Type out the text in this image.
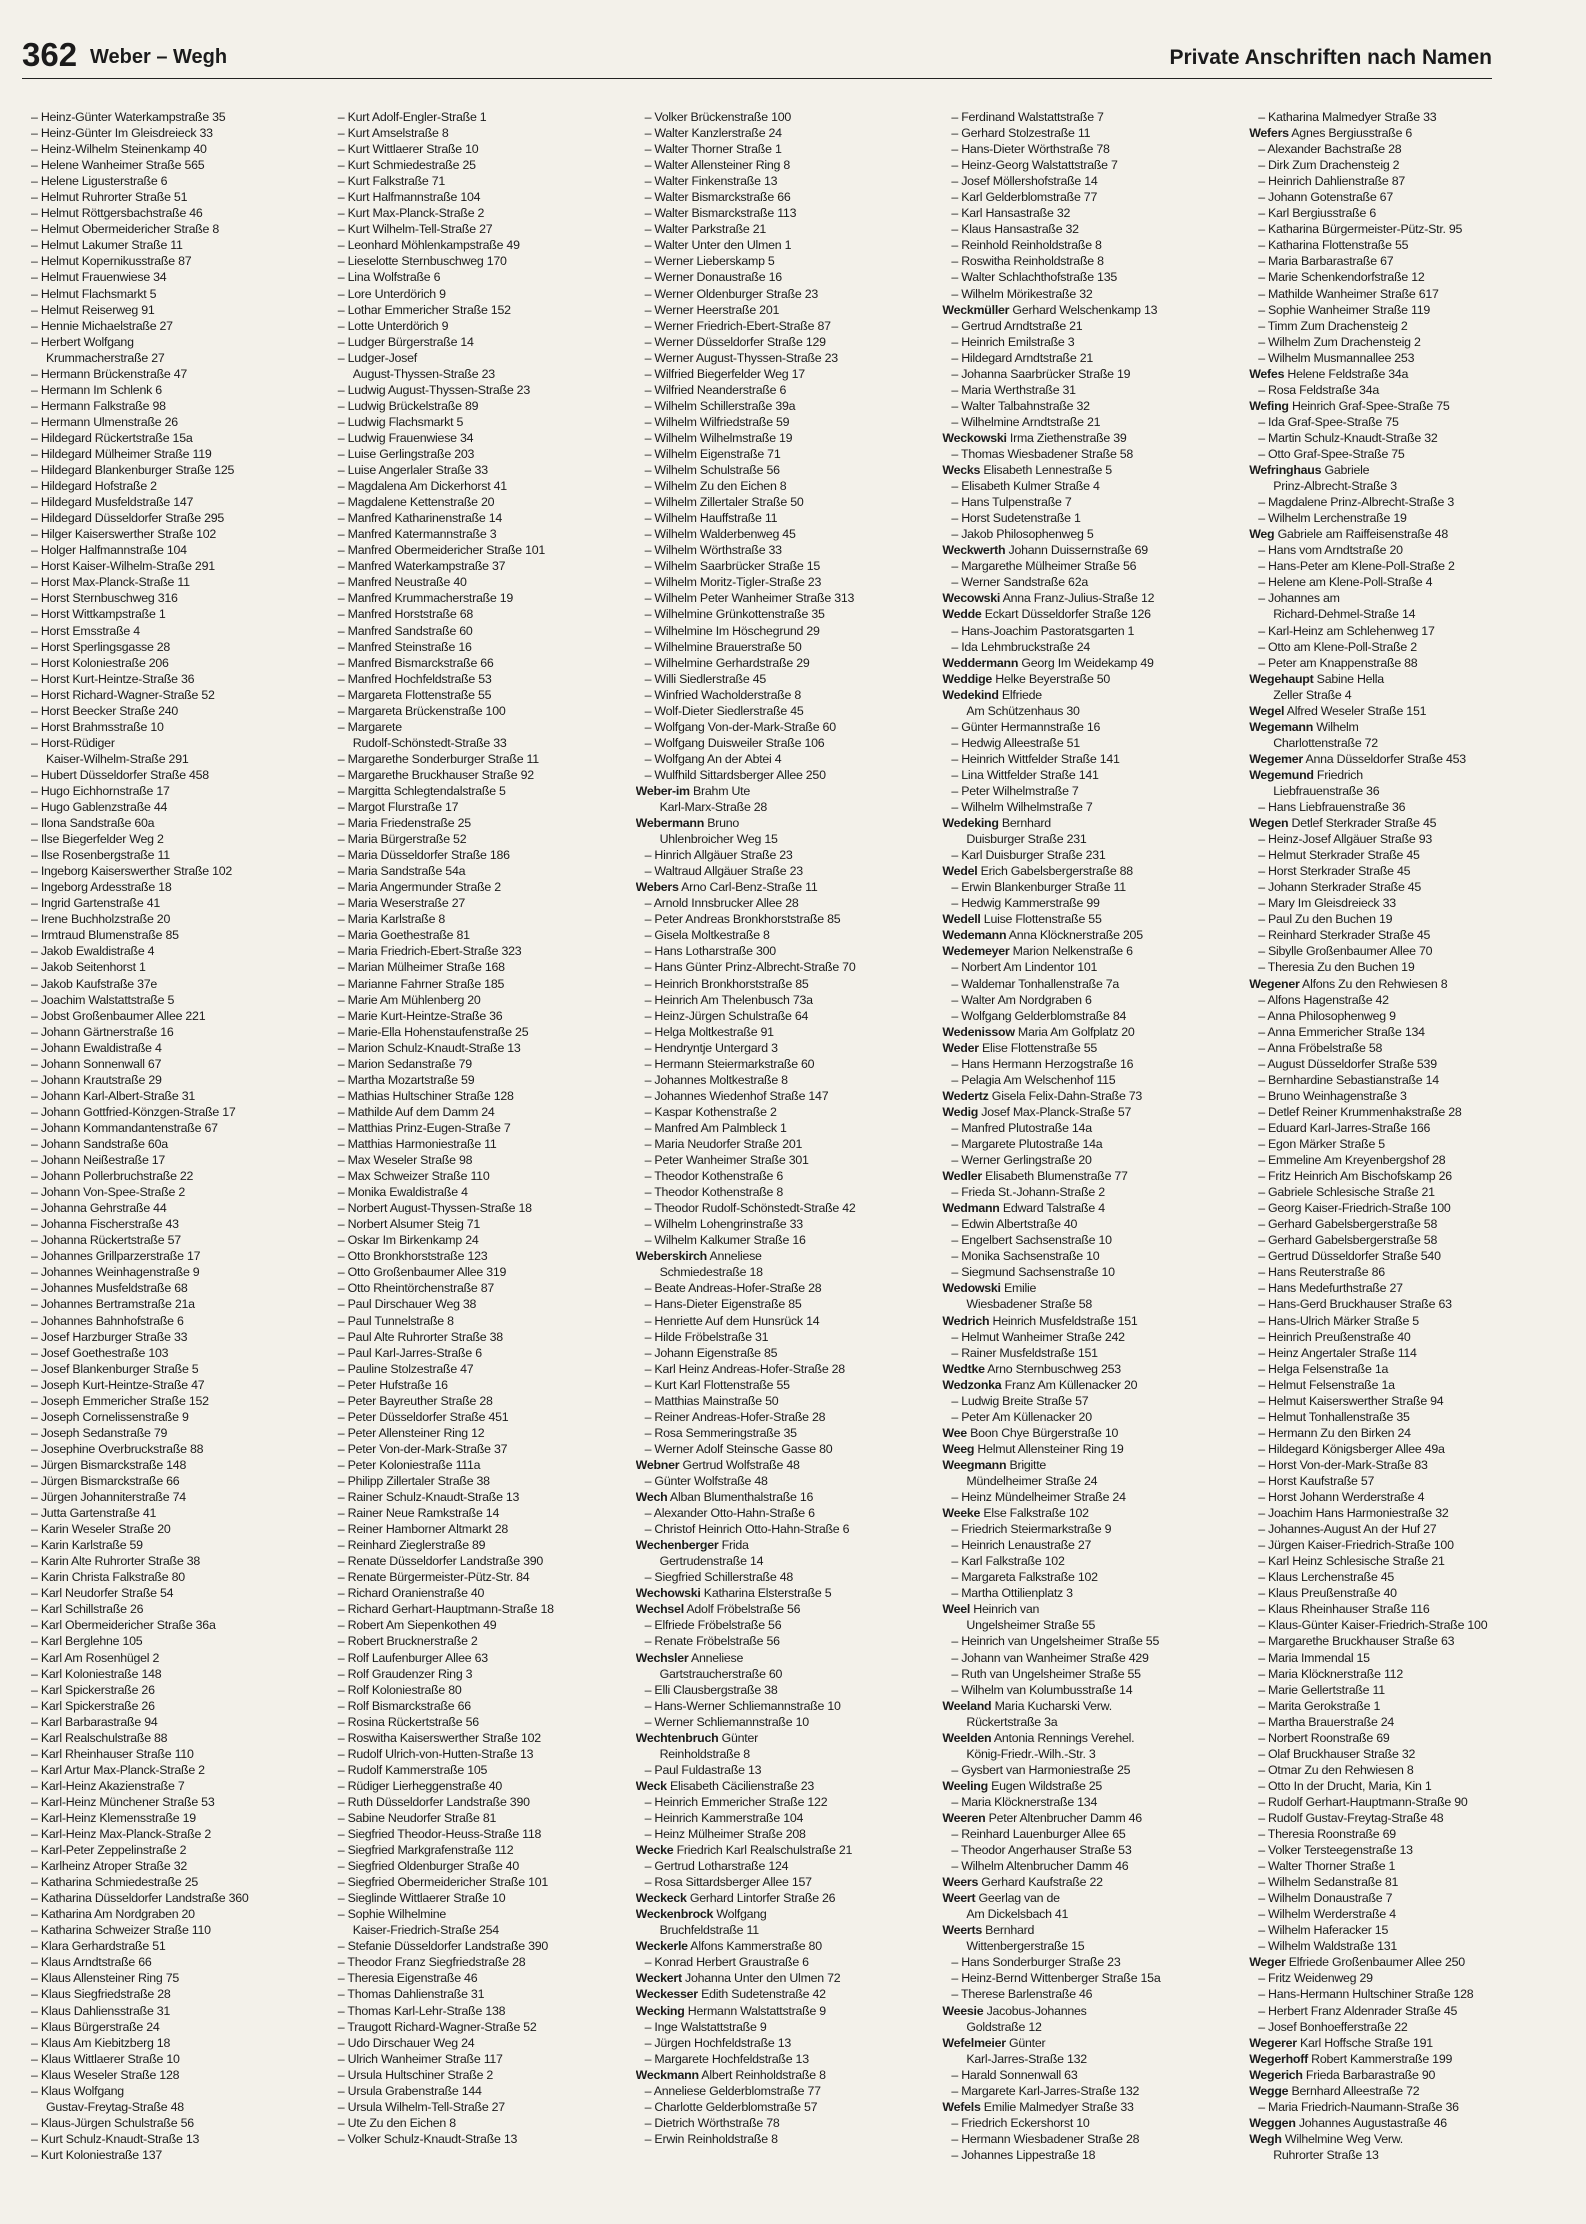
362 Weber – Wegh	Private Anschriften nach Namen
– Heinz-Günter Waterkampstraße 35
– Heinz-Günter Im Gleisdreieck 33
– Heinz-Wilhelm Steinenkamp 40
– Helene Wanheimer Straße 565
– Helene Ligusterstraße 6
– Helmut Ruhrorter Straße 51
– Helmut Röttgersbachstraße 46
– Helmut Obermeidericher Straße 8
– Helmut Lakumer Straße 11
– Helmut Kopernikusstraße 87
– Helmut Frauenwiese 34
– Helmut Flachsmarkt 5
– Helmut Reiserweg 91
– Hennie Michaelstraße 27
– Herbert Wolfgang
Krummacherstraße 27
– Hermann Brückenstraße 47
– Hermann Im Schlenk 6
– Hermann Falkstraße 98
– Hermann Ulmenstraße 26
– Hildegard Rückertstraße 15a
– Hildegard Mülheimer Straße 119
– Hildegard Blankenburger Straße 125
– Hildegard Hofstraße 2
– Hildegard Musfeldstraße 147
– Hildegard Düsseldorfer Straße 295
– Hilger Kaiserswerther Straße 102
– Holger Halfmannstraße 104
– Horst Kaiser-Wilhelm-Straße 291
– Horst Max-Planck-Straße 11
– Horst Sternbuschweg 316
– Horst Wittkampstraße 1
– Horst Emsstraße 4
– Horst Sperlingsgasse 28
– Horst Koloniestraße 206
– Horst Kurt-Heintze-Straße 36
– Horst Richard-Wagner-Straße 52
– Horst Beecker Straße 240
– Horst Brahmsstraße 10
– Horst-Rüdiger
Kaiser-Wilhelm-Straße 291
– Hubert Düsseldorfer Straße 458
– Hugo Eichhornstraße 17
– Hugo Gablenzstraße 44
– Ilona Sandstraße 60a
– Ilse Biegerfelder Weg 2
– Ilse Rosenbergstraße 11
– Ingeborg Kaiserswerther Straße 102
– Ingeborg Ardesstraße 18
– Ingrid Gartenstraße 41
– Irene Buchholzstraße 20
– Irmtraud Blumenstraße 85
– Jakob Ewaldistraße 4
– Jakob Seitenhorst 1
– Jakob Kaufstraße 37e
– Joachim Walstattstraße 5
– Jobst Großenbaumer Allee 221
– Johann Gärtnerstraße 16
– Johann Ewaldistraße 4
– Johann Sonnenwall 67
– Johann Krautstraße 29
– Johann Karl-Albert-Straße 31
– Johann Gottfried-Könzgen-Straße 17
– Johann Kommandantenstraße 67
– Johann Sandstraße 60a
– Johann Neißestraße 17
– Johann Pollerbruchstraße 22
– Johann Von-Spee-Straße 2
– Johanna Gehrstraße 44
– Johanna Fischerstraße 43
– Johanna Rückertstraße 57
– Johannes Grillparzerstraße 17
– Johannes Weinhagenstraße 9
– Johannes Musfeldstraße 68
– Johannes Bertramstraße 21a
– Johannes Bahnhofstraße 6
– Josef Harzburger Straße 33
– Josef Goethestraße 103
– Josef Blankenburger Straße 5
– Joseph Kurt-Heintze-Straße 47
– Joseph Emmericher Straße 152
– Joseph Cornelissenstraße 9
– Joseph Sedanstraße 79
– Josephine Overbruckstraße 88
– Jürgen Bismarckstraße 148
– Jürgen Bismarckstraße 66
– Jürgen Johanniterstraße 74
– Jutta Gartenstraße 41
– Karin Weseler Straße 20
– Karin Karlstraße 59
– Karin Alte Ruhrorter Straße 38
– Karin Christa Falkstraße 80
– Karl Neudorfer Straße 54
– Karl Schillstraße 26
– Karl Obermeidericher Straße 36a
– Karl Berglehne 105
– Karl Am Rosenhügel 2
– Karl Koloniestraße 148
– Karl Spickerstraße 26
– Karl Spickerstraße 26
– Karl Barbarastraße 94
– Karl Realschulstraße 88
– Karl Rheinhauser Straße 110
– Karl Artur Max-Planck-Straße 2
– Karl-Heinz Akazienstraße 7
– Karl-Heinz Münchener Straße 53
– Karl-Heinz Klemensstraße 19
– Karl-Heinz Max-Planck-Straße 2
– Karl-Peter Zeppelinstraße 2
– Karlheinz Atroper Straße 32
– Katharina Schmiedestraße 25
– Katharina Düsseldorfer Landstraße 360
– Katharina Am Nordgraben 20
– Katharina Schweizer Straße 110
– Klara Gerhardstraße 51
– Klaus Arndtstraße 66
– Klaus Allensteiner Ring 75
– Klaus Siegfriedstraße 28
– Klaus Dahliensstraße 31
– Klaus Bürgerstraße 24
– Klaus Am Kiebitzberg 18
– Klaus Wittlaerer Straße 10
– Klaus Weseler Straße 128
– Klaus Wolfgang
Gustav-Freytag-Straße 48
– Klaus-Jürgen Schulstraße 56
– Kurt Schulz-Knaudt-Straße 13
– Kurt Koloniestraße 137
– Kurt Adolf-Engler-Straße 1
– Kurt Amselstraße 8
– Kurt Wittlaerer Straße 10
– Kurt Schmiedestraße 25
– Kurt Falkstraße 71
– Kurt Halfmannstraße 104
– Kurt Max-Planck-Straße 2
– Kurt Wilhelm-Tell-Straße 27
– Leonhard Möhlenkampstraße 49
– Lieselotte Sternbuschweg 170
– Lina Wolfstraße 6
– Lore Unterdörich 9
– Lothar Emmericher Straße 152
– Lotte Unterdörich 9
– Ludger Bürgerstraße 14
– Ludger-Josef
August-Thyssen-Straße 23
– Ludwig August-Thyssen-Straße 23
– Ludwig Brückelstraße 89
– Ludwig Flachsmarkt 5
– Ludwig Frauenwiese 34
– Luise Gerlingstraße 203
– Luise Angerlaler Straße 33
– Magdalena Am Dickerhorst 41
– Magdalene Kettenstraße 20
– Manfred Katharinenstraße 14
– Manfred Katermannstraße 3
– Manfred Obermeidericher Straße 101
– Manfred Waterkampstraße 37
– Manfred Neustraße 40
– Manfred Krummacherstraße 19
– Manfred Horststraße 68
– Manfred Sandstraße 60
– Manfred Steinstraße 16
– Manfred Bismarckstraße 66
– Manfred Hochfeldstraße 53
– Margareta Flottenstraße 55
– Margareta Brückenstraße 100
– Margarete
Rudolf-Schönstedt-Straße 33
– Margarethe Sonderburger Straße 11
– Margarethe Bruckhauser Straße 92
– Margitta Schlegtendalstraße 5
– Margot Flurstraße 17
– Maria Friedenstraße 25
– Maria Bürgerstraße 52
– Maria Düsseldorfer Straße 186
– Maria Sandstraße 54a
– Maria Angermunder Straße 2
– Maria Weserstraße 27
– Maria Karlstraße 8
– Maria Goethestraße 81
– Maria Friedrich-Ebert-Straße 323
– Marian Mülheimer Straße 168
– Marianne Fahrner Straße 185
– Marie Am Mühlenberg 20
– Marie Kurt-Heintze-Straße 36
– Marie-Ella Hohenstaufenstraße 25
– Marion Schulz-Knaudt-Straße 13
– Marion Sedanstraße 79
– Martha Mozartstraße 59
– Mathias Hultschiner Straße 128
– Mathilde Auf dem Damm 24
– Matthias Prinz-Eugen-Straße 7
– Matthias Harmoniestraße 11
– Max Weseler Straße 98
– Max Schweizer Straße 110
– Monika Ewaldistraße 4
– Norbert August-Thyssen-Straße 18
– Norbert Alsumer Steig 71
– Oskar Im Birkenkamp 24
– Otto Bronkhorststraße 123
– Otto Großenbaumer Allee 319
– Otto Rheintörchenstraße 87
– Paul Dirschauer Weg 38
– Paul Tunnelstraße 8
– Paul Alte Ruhrorter Straße 38
– Paul Karl-Jarres-Straße 6
– Pauline Stolzestraße 47
– Peter Hufstraße 16
– Peter Bayreuther Straße 28
– Peter Düsseldorfer Straße 451
– Peter Allensteiner Ring 12
– Peter Von-der-Mark-Straße 37
– Peter Koloniestraße 111a
– Philipp Zillertaler Straße 38
– Rainer Schulz-Knaudt-Straße 13
– Rainer Neue Ramkstraße 14
– Reiner Hamborner Altmarkt 28
– Reinhard Zieglerstraße 89
– Renate Düsseldorfer Landstraße 390
– Renate Bürgermeister-Pütz-Str. 84
– Richard Oranienstraße 40
– Richard Gerhart-Hauptmann-Straße 18
– Robert Am Siepenkothen 49
– Robert Brucknerstraße 2
– Rolf Laufenburger Allee 63
– Rolf Graudenzer Ring 3
– Rolf Koloniestraße 80
– Rolf Bismarckstraße 66
– Rosina Rückertstraße 56
– Roswitha Kaiserswerther Straße 102
– Rudolf Ulrich-von-Hutten-Straße 13
– Rudolf Kammerstraße 105
– Rüdiger Lierheggenstraße 40
– Ruth Düsseldorfer Landstraße 390
– Sabine Neudorfer Straße 81
– Siegfried Theodor-Heuss-Straße 118
– Siegfried Markgrafenstraße 112
– Siegfried Oldenburger Straße 40
– Siegfried Obermeidericher Straße 101
– Sieglinde Wittlaerer Straße 10
– Sophie Wilhelmine
Kaiser-Friedrich-Straße 254
– Stefanie Düsseldorfer Landstraße 390
– Theodor Franz Siegfriedstraße 28
– Theresia Eigenstraße 46
– Thomas Dahlienstraße 31
– Thomas Karl-Lehr-Straße 138
– Traugott Richard-Wagner-Straße 52
– Udo Dirschauer Weg 24
– Ulrich Wanheimer Straße 117
– Ursula Hultschiner Straße 2
– Ursula Grabenstraße 144
– Ursula Wilhelm-Tell-Straße 27
– Ute Zu den Eichen 8
– Volker Schulz-Knaudt-Straße 13
– Volker Brückenstraße 100
– Walter Kanzlerstraße 24
– Walter Thorner Straße 1
– Walter Allensteiner Ring 8
– Walter Finkenstraße 13
– Walter Bismarckstraße 66
– Walter Bismarckstraße 113
– Walter Parkstraße 21
– Walter Unter den Ulmen 1
– Werner Lieberskamp 5
– Werner Donaustraße 16
– Werner Oldenburger Straße 23
– Werner Heerstraße 201
– Werner Friedrich-Ebert-Straße 87
– Werner Düsseldorfer Straße 129
– Werner August-Thyssen-Straße 23
– Wilfried Biegerfelder Weg 17
– Wilfried Neanderstraße 6
– Wilhelm Schillerstraße 39a
– Wilhelm Wilfriedstraße 59
– Wilhelm Wilhelmstraße 19
– Wilhelm Eigenstraße 71
– Wilhelm Schulstraße 56
– Wilhelm Zu den Eichen 8
– Wilhelm Zillertaler Straße 50
– Wilhelm Hauffstraße 11
– Wilhelm Walderbenweg 45
– Wilhelm Wörthstraße 33
– Wilhelm Saarbrücker Straße 15
– Wilhelm Moritz-Tigler-Straße 23
– Wilhelm Peter Wanheimer Straße 313
– Wilhelmine Grünkottenstraße 35
– Wilhelmine Im Höschegrund 29
– Wilhelmine Brauerstraße 50
– Wilhelmine Gerhardstraße 29
– Willi Siedlerstraße 45
– Winfried Wacholderstraße 8
– Wolf-Dieter Siedlerstraße 45
– Wolfgang Von-der-Mark-Straße 60
– Wolfgang Duisweiler Straße 106
– Wolfgang An der Abtei 4
– Wulfhild Sittardsberger Allee 250
Weber-im Brahm Ute
Karl-Marx-Straße 28
Webermann Bruno
Uhlenbroicher Weg 15
– Hinrich Allgäuer Straße 23
– Waltraud Allgäuer Straße 23
Webers Arno Carl-Benz-Straße 11
– Arnold Innsbrucker Allee 28
– Peter Andreas Bronkhorststraße 85
– Gisela Moltkestraße 8
– Hans Lotharstraße 300
– Hans Günter Prinz-Albrecht-Straße 70
– Heinrich Bronkhorststraße 85
– Heinrich Am Thelenbusch 73a
– Heinz-Jürgen Schulstraße 64
– Helga Moltkestraße 91
– Hendryntje Untergard 3
– Hermann Steiermarkstraße 60
– Johannes Moltkestraße 8
– Johannes Wiedenhof Straße 147
– Kaspar Kothenstraße 2
– Manfred Am Palmbleck 1
– Maria Neudorfer Straße 201
– Peter Wanheimer Straße 301
– Theodor Kothenstraße 6
– Theodor Kothenstraße 8
– Theodor Rudolf-Schönstedt-Straße 42
– Wilhelm Lohengrinstraße 33
– Wilhelm Kalkumer Straße 16
Weberskirch Anneliese
Schmiedestraße 18
– Beate Andreas-Hofer-Straße 28
– Hans-Dieter Eigenstraße 85
– Henriette Auf dem Hunsrück 14
– Hilde Fröbelstraße 31
– Johann Eigenstraße 85
– Karl Heinz Andreas-Hofer-Straße 28
– Kurt Karl Flottenstraße 55
– Matthias Mainstraße 50
– Reiner Andreas-Hofer-Straße 28
– Rosa Semmeringstraße 35
– Werner Adolf Steinsche Gasse 80
Webner Gertrud Wolfstraße 48
– Günter Wolfstraße 48
Wech Alban Blumenthalstraße 16
– Alexander Otto-Hahn-Straße 6
– Christof Heinrich Otto-Hahn-Straße 6
Wechenberger Frida
Gertrudenstraße 14
– Siegfried Schillerstraße 48
Wechowski Katharina Elsterstraße 5
Wechsel Adolf Fröbelstraße 56
– Elfriede Fröbelstraße 56
– Renate Fröbelstraße 56
Wechsler Anneliese
Gartstraucherstraße 60
– Elli Clausbergstraße 38
– Hans-Werner Schliemannstraße 10
– Werner Schliemannstraße 10
Wechtenbruch Günter
Reinholdstraße 8
– Paul Fuldastraße 13
Weck Elisabeth Cäcilienstraße 23
– Heinrich Emmericher Straße 122
– Heinrich Kammerstraße 104
– Heinz Mülheimer Straße 208
Wecke Friedrich Karl Realschulstraße 21
– Gertrud Lotharstraße 124
– Rosa Sittardsberger Allee 157
Weckeck Gerhard Lintorfer Straße 26
Weckenbrock Wolfgang
Bruchfeldstraße 11
Weckerle Alfons Kammerstraße 80
– Konrad Herbert Graustraße 6
Weckert Johanna Unter den Ulmen 72
Weckesser Edith Sudetenstraße 42
Wecking Hermann Walstattstraße 9
– Inge Walstattstraße 9
– Jürgen Hochfeldstraße 13
– Margarete Hochfeldstraße 13
Weckmann Albert Reinholdstraße 8
– Anneliese Gelderblomstraße 77
– Charlotte Gelderblomstraße 57
– Dietrich Wörthstraße 78
– Erwin Reinholdstraße 8
– Ferdinand Walstattstraße 7
– Gerhard Stolzestraße 11
– Hans-Dieter Wörthstraße 78
– Heinz-Georg Walstattstraße 7
– Josef Möllershofstraße 14
– Karl Gelderblomstraße 77
– Karl Hansastraße 32
– Klaus Hansastraße 32
– Reinhold Reinholdstraße 8
– Roswitha Reinholdstraße 8
– Walter Schlachthofstraße 135
– Wilhelm Mörikestraße 32
Weckmüller Gerhard Welschenkamp 13
– Gertrud Arndtstraße 21
– Heinrich Emilstraße 3
– Hildegard Arndtstraße 21
– Johanna Saarbrücker Straße 19
– Maria Werthstraße 31
– Walter Talbahnstraße 32
– Wilhelmine Arndtstraße 21
Weckowski Irma Ziethenstraße 39
– Thomas Wiesbadener Straße 58
Wecks Elisabeth Lennestraße 5
– Elisabeth Kulmer Straße 4
– Hans Tulpenstraße 7
– Horst Sudetenstraße 1
– Jakob Philosophenweg 5
Weckwerth Johann Duissernstraße 69
– Margarethe Mülheimer Straße 56
– Werner Sandstraße 62a
Wecowski Anna Franz-Julius-Straße 12
Wedde Eckart Düsseldorfer Straße 126
– Hans-Joachim Pastoratsgarten 1
– Ida Lehmbruckstraße 24
Weddermann Georg Im Weidekamp 49
Weddige Helke Beyerstraße 50
Wedekind Elfriede
Am Schützenhaus 30
– Günter Hermannstraße 16
– Hedwig Alleestraße 51
– Heinrich Wittfelder Straße 141
– Lina Wittfelder Straße 141
– Peter Wilhelmstraße 7
– Wilhelm Wilhelmstraße 7
Wedeking Bernhard
Duisburger Straße 231
– Karl Duisburger Straße 231
Wedel Erich Gabelsbergerstraße 88
– Erwin Blankenburger Straße 11
– Hedwig Kammerstraße 99
Wedell Luise Flottenstraße 55
Wedemann Anna Klöcknerstraße 205
Wedemeyer Marion Nelkenstraße 6
– Norbert Am Lindentor 101
– Waldemar Tonhallenstraße 7a
– Walter Am Nordgraben 6
– Wolfgang Gelderblomstraße 84
Wedenissow Maria Am Golfplatz 20
Weder Elise Flottenstraße 55
– Hans Hermann Herzogstraße 16
– Pelagia Am Welschenhof 115
Wedertz Gisela Felix-Dahn-Straße 73
Wedig Josef Max-Planck-Straße 57
– Manfred Plutostraße 14a
– Margarete Plutostraße 14a
– Werner Gerlingstraße 20
Wedler Elisabeth Blumenstraße 77
– Frieda St.-Johann-Straße 2
Wedmann Edward Talstraße 4
– Edwin Albertstraße 40
– Engelbert Sachsenstraße 10
– Monika Sachsenstraße 10
– Siegmund Sachsenstraße 10
Wedowski Emilie
Wiesbadener Straße 58
Wedrich Heinrich Musfeldstraße 151
– Helmut Wanheimer Straße 242
– Rainer Musfeldstraße 151
Wedtke Arno Sternbuschweg 253
Wedzonka Franz Am Küllenacker 20
– Ludwig Breite Straße 57
– Peter Am Küllenacker 20
Wee Boon Chye Bürgerstraße 10
Weeg Helmut Allensteiner Ring 19
Weegmann Brigitte
Mündelheimer Straße 24
– Heinz Mündelheimer Straße 24
Weeke Else Falkstraße 102
– Friedrich Steiermarkstraße 9
– Heinrich Lenaustraße 27
– Karl Falkstraße 102
– Margareta Falkstraße 102
– Martha Ottilienplatz 3
Weel Heinrich van
Ungelsheimer Straße 55
– Heinrich van Ungelsheimer Straße 55
– Johann van Wanheimer Straße 429
– Ruth van Ungelsheimer Straße 55
– Wilhelm van Kolumbusstraße 14
Weeland Maria Kucharski Verw.
Rückertstraße 3a
Weelden Antonia Rennings Verehel.
König-Friedr.-Wilh.-Str. 3
– Gysbert van Harmoniestraße 25
Weeling Eugen Wildstraße 25
– Maria Klöcknerstraße 134
Weeren Peter Altenbrucher Damm 46
– Reinhard Lauenburger Allee 65
– Theodor Angerhauser Straße 53
– Wilhelm Altenbrucher Damm 46
Weers Gerhard Kaufstraße 22
Weert Geerlag van de
Am Dickelsbach 41
Weerts Bernhard
Wittenbergerstraße 15
– Hans Sonderburger Straße 23
– Heinz-Bernd Wittenberger Straße 15a
– Therese Barlenstraße 46
Weesie Jacobus-Johannes
Goldstraße 12
Wefelmeier Günter
Karl-Jarres-Straße 132
– Harald Sonnenwall 63
– Margarete Karl-Jarres-Straße 132
Wefels Emilie Malmedyer Straße 33
– Friedrich Eckershorst 10
– Hermann Wiesbadener Straße 28
– Johannes Lippestraße 18
– Katharina Malmedyer Straße 33
Wefers Agnes Bergiusstraße 6
– Alexander Bachstraße 28
– Dirk Zum Drachensteig 2
– Heinrich Dahlienstraße 87
– Johann Gotenstraße 67
– Karl Bergiusstraße 6
– Katharina Bürgermeister-Pütz-Str. 95
– Katharina Flottenstraße 55
– Maria Barbarastraße 67
– Marie Schenkendorfstraße 12
– Mathilde Wanheimer Straße 617
– Sophie Wanheimer Straße 119
– Timm Zum Drachensteig 2
– Wilhelm Zum Drachensteig 2
– Wilhelm Musmannallee 253
Wefes Helene Feldstraße 34a
– Rosa Feldstraße 34a
Wefing Heinrich Graf-Spee-Straße 75
– Ida Graf-Spee-Straße 75
– Martin Schulz-Knaudt-Straße 32
– Otto Graf-Spee-Straße 75
Wefringhaus Gabriele
Prinz-Albrecht-Straße 3
– Magdalene Prinz-Albrecht-Straße 3
– Wilhelm Lerchenstraße 19
Weg Gabriele am Raiffeisenstraße 48
– Hans vom Arndtstraße 20
– Hans-Peter am Klene-Poll-Straße 2
– Helene am Klene-Poll-Straße 4
– Johannes am
Richard-Dehmel-Straße 14
– Karl-Heinz am Schlehenweg 17
– Otto am Klene-Poll-Straße 2
– Peter am Knappenstraße 88
Wegehaupt Sabine Hella
Zeller Straße 4
Wegel Alfred Weseler Straße 151
Wegemann Wilhelm
Charlottenstraße 72
Wegemer Anna Düsseldorfer Straße 453
Wegemund Friedrich
Liebfrauenstraße 36
– Hans Liebfrauenstraße 36
Wegen Detlef Sterkrader Straße 45
– Heinz-Josef Allgäuer Straße 93
– Helmut Sterkrader Straße 45
– Horst Sterkrader Straße 45
– Johann Sterkrader Straße 45
– Mary Im Gleisdreieck 33
– Paul Zu den Buchen 19
– Reinhard Sterkrader Straße 45
– Sibylle Großenbaumer Allee 70
– Theresia Zu den Buchen 19
Wegener Alfons Zu den Rehwiesen 8
– Alfons Hagenstraße 42
– Anna Philosophenweg 9
– Anna Emmericher Straße 134
– Anna Fröbelstraße 58
– August Düsseldorfer Straße 539
– Bernhardine Sebastianstraße 14
– Bruno Weinhagenstraße 3
– Detlef Reiner Krummenhakstraße 28
– Eduard Karl-Jarres-Straße 166
– Egon Märker Straße 5
– Emmeline Am Kreyenbergshof 28
– Fritz Heinrich Am Bischofskamp 26
– Gabriele Schlesische Straße 21
– Georg Kaiser-Friedrich-Straße 100
– Gerhard Gabelsbergerstraße 58
– Gerhard Gabelsbergerstraße 58
– Gertrud Düsseldorfer Straße 540
– Hans Reuterstraße 86
– Hans Medefurthstraße 27
– Hans-Gerd Bruckhauser Straße 63
– Hans-Ulrich Märker Straße 5
– Heinrich Preußenstraße 40
– Heinz Angertaler Straße 114
– Helga Felsenstraße 1a
– Helmut Felsenstraße 1a
– Helmut Kaiserswerther Straße 94
– Helmut Tonhallenstraße 35
– Hermann Zu den Birken 24
– Hildegard Königsberger Allee 49a
– Horst Von-der-Mark-Straße 83
– Horst Kaufstraße 57
– Horst Johann Werderstraße 4
– Joachim Hans Harmoniestraße 32
– Johannes-August An der Huf 27
– Jürgen Kaiser-Friedrich-Straße 100
– Karl Heinz Schlesische Straße 21
– Klaus Lerchenstraße 45
– Klaus Preußenstraße 40
– Klaus Rheinhauser Straße 116
– Klaus-Günter Kaiser-Friedrich-Straße 100
– Margarethe Bruckhauser Straße 63
– Maria Immendal 15
– Maria Klöcknerstraße 112
– Marie Gellertstraße 11
– Marita Gerokstraße 1
– Martha Brauerstraße 24
– Norbert Roonstraße 69
– Olaf Bruckhauser Straße 32
– Otmar Zu den Rehwiesen 8
– Otto In der Drucht, Maria, Kin 1
– Rudolf Gerhart-Hauptmann-Straße 90
– Rudolf Gustav-Freytag-Straße 48
– Theresia Roonstraße 69
– Volker Tersteegenstraße 13
– Walter Thorner Straße 1
– Wilhelm Sedanstraße 81
– Wilhelm Donaustraße 7
– Wilhelm Werderstraße 4
– Wilhelm Haferacker 15
– Wilhelm Waldstraße 131
Weger Elfriede Großenbaumer Allee 250
– Fritz Weidenweg 29
– Hans-Hermann Hultschiner Straße 128
– Herbert Franz Aldenrader Straße 45
– Josef Bonhoefferstraße 22
Wegerer Karl Hoffsche Straße 191
Wegerhoff Robert Kammerstraße 199
Wegerich Frieda Barbarastraße 90
Wegge Bernhard Alleestraße 72
– Maria Friedrich-Naumann-Straße 36
Weggen Johannes Augustastraße 46
Wegh Wilhelmine Weg Verw.
Ruhrorter Straße 13
